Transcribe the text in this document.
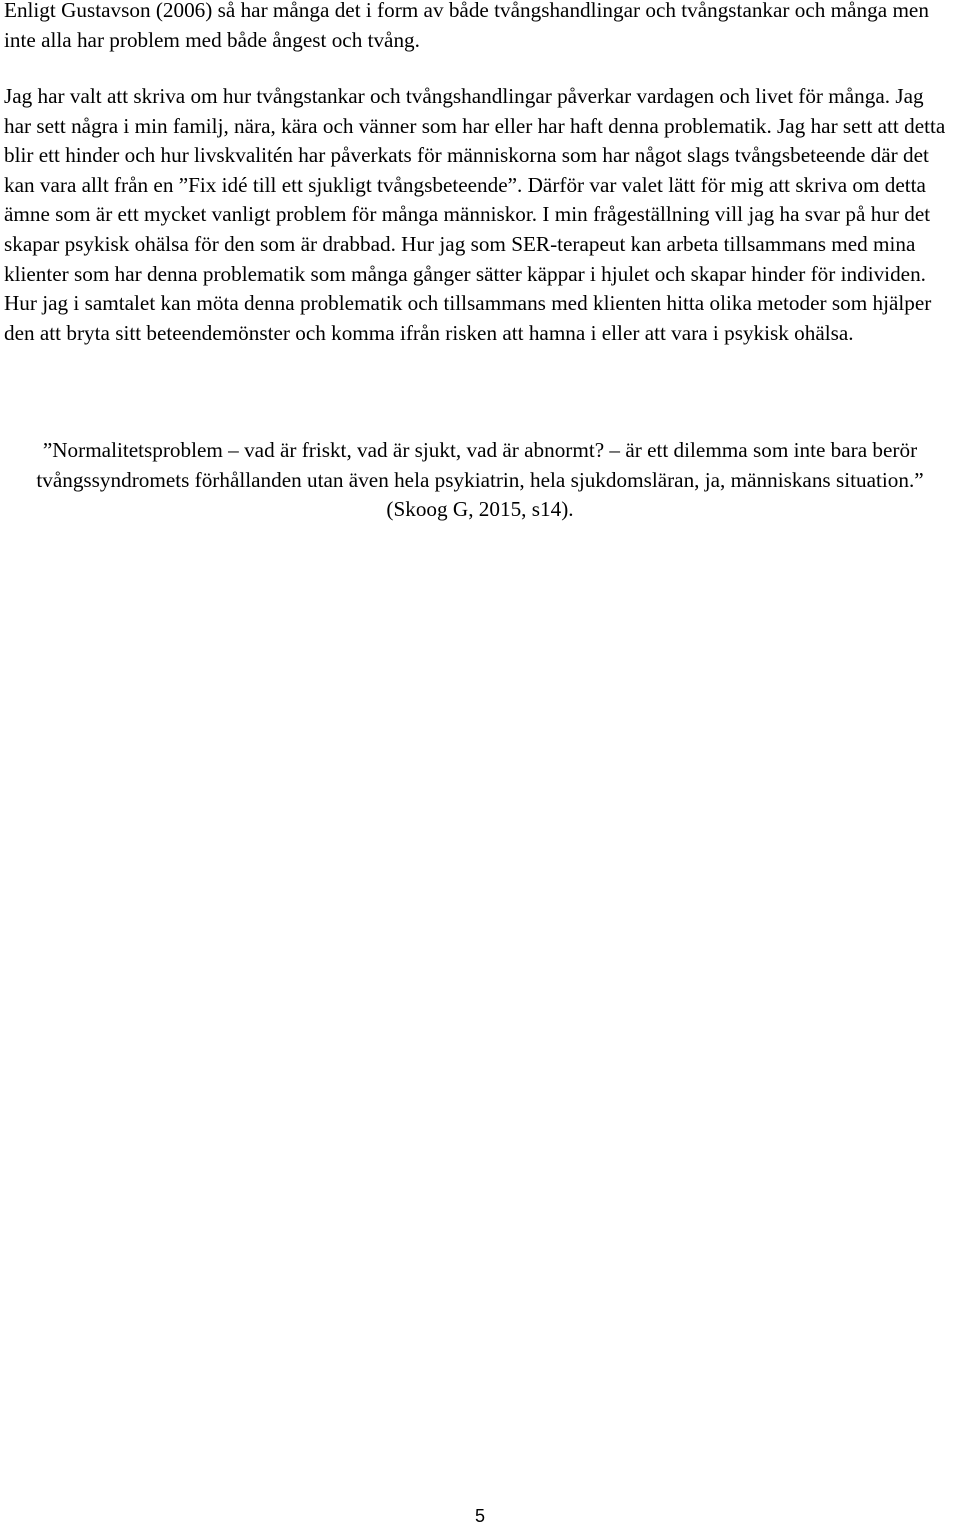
Enligt Gustavson (2006) så har många det i form av både tvångshandlingar och tvångstankar och många men inte alla har problem med både ångest och tvång.

Jag har valt att skriva om hur tvångstankar och tvångshandlingar påverkar vardagen och livet för många. Jag har sett några i min familj, nära, kära och vänner som har eller har haft denna problematik. Jag har sett att detta blir ett hinder och hur livskvalitén har påverkats för människorna som har något slags tvångsbeteende där det kan vara allt från en ”Fix idé till ett sjukligt tvångsbeteende”. Därför var valet lätt för mig att skriva om detta ämne som är ett mycket vanligt problem för många människor. I min frågeställning vill jag ha svar på hur det skapar psykisk ohälsa för den som är drabbad. Hur jag som SER-terapeut kan arbeta tillsammans med mina klienter som har denna problematik som många gånger sätter käppar i hjulet och skapar hinder för individen. Hur jag i samtalet kan möta denna problematik och tillsammans med klienten hitta olika metoder som hjälper den att bryta sitt beteendemönster och komma ifrån risken att hamna i eller att vara i psykisk ohälsa.

”Normalitetsproblem – vad är friskt, vad är sjukt, vad är abnormt? – är ett dilemma som inte bara berör tvångssyndromets förhållanden utan även hela psykiatrin, hela sjukdomsläran, ja, människans situation.” (Skoog G, 2015, s14).

5
